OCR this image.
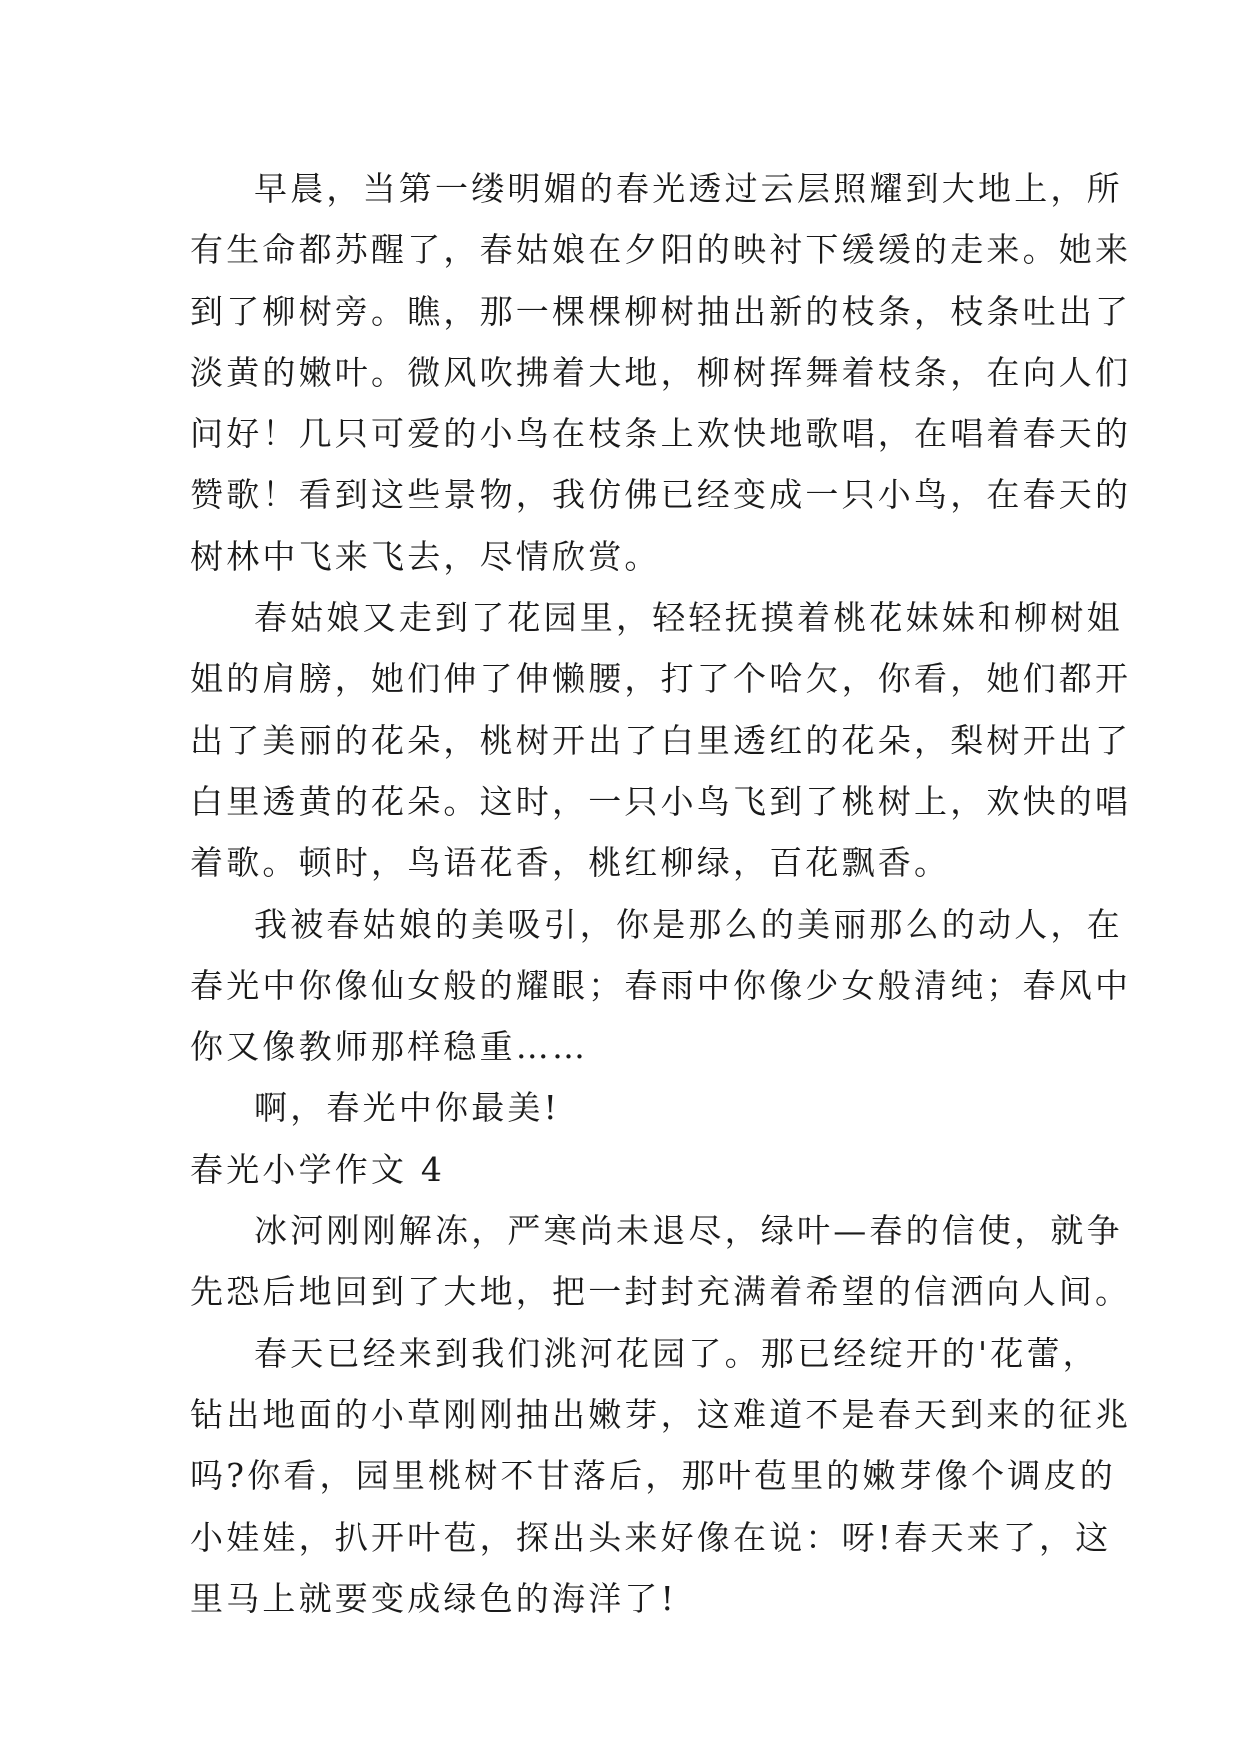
早晨，当第一缕明媚的春光透过云层照耀到大地上，所
有生命都苏醒了，春姑娘在夕阳的映衬下缓缓的走来。她来
到了柳树旁。瞧，那一棵棵柳树抽出新的枝条，枝条吐出了
淡黄的嫩叶。微风吹拂着大地，柳树挥舞着枝条，在向人们
问好！几只可爱的小鸟在枝条上欢快地歌唱，在唱着春天的
赞歌！看到这些景物，我仿佛已经变成一只小鸟，在春天的
树林中飞来飞去，尽情欣赏。
春姑娘又走到了花园里，轻轻抚摸着桃花妹妹和柳树姐
姐的肩膀，她们伸了伸懒腰，打了个哈欠，你看，她们都开
出了美丽的花朵，桃树开出了白里透红的花朵，梨树开出了
白里透黄的花朵。这时，一只小鸟飞到了桃树上，欢快的唱
着歌。顿时，鸟语花香，桃红柳绿，百花飘香。
我被春姑娘的美吸引，你是那么的美丽那么的动人，在
春光中你像仙女般的耀眼；春雨中你像少女般清纯；春风中
你又像教师那样稳重……
啊，春光中你最美!
春光小学作文 4
冰河刚刚解冻，严寒尚未退尽，绿叶—春的信使，就争
先恐后地回到了大地，把一封封充满着希望的信洒向人间。
春天已经来到我们洮河花园了。那已经绽开的'花蕾，
钻出地面的小草刚刚抽出嫩芽，这难道不是春天到来的征兆
吗?你看，园里桃树不甘落后，那叶苞里的嫩芽像个调皮的
小娃娃，扒开叶苞，探出头来好像在说：呀!春天来了，这
里马上就要变成绿色的海洋了!
